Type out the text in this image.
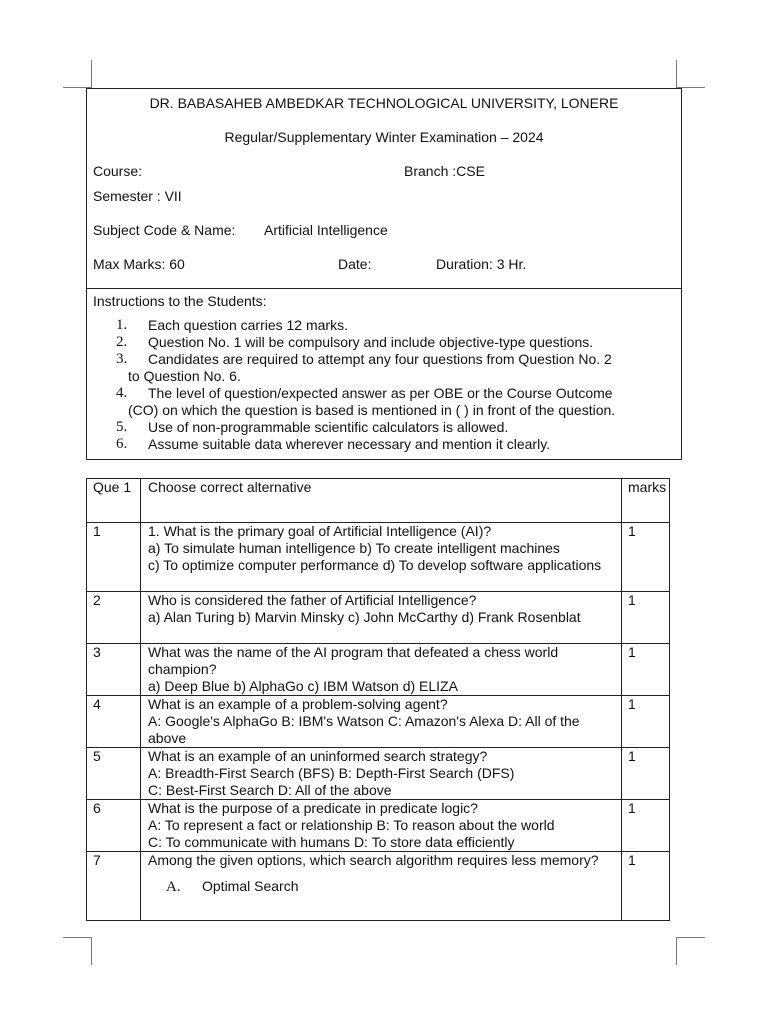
DR. BABASAHEB AMBEDKAR TECHNOLOGICAL UNIVERSITY, LONERE
Regular/Supplementary Winter Examination – 2024
Course:	Branch :CSE
Semester : VII
Subject Code & Name: Artificial Intelligence
Max Marks: 60	Date:	Duration: 3 Hr.
Instructions to the Students:
1. Each question carries 12 marks.
2. Question No. 1 will be compulsory and include objective-type questions.
3. Candidates are required to attempt any four questions from Question No. 2
to Question No. 6.
4. The level of question/expected answer as per OBE or the Course Outcome
(CO) on which the question is based is mentioned in ( ) in front of the question.
5. Use of non-programmable scientific calculators is allowed.
6. Assume suitable data wherever necessary and mention it clearly.
Que 1	Choose correct alternative	marks
1	1. What is the primary goal of Artificial Intelligence (AI)?
a) To simulate human intelligence b) To create intelligent machines
c) To optimize computer performance d) To develop software applications	1
2	Who is considered the father of Artificial Intelligence?
a) Alan Turing b) Marvin Minsky c) John McCarthy d) Frank Rosenblat	1
3	What was the name of the AI program that defeated a chess world champion?
a) Deep Blue b) AlphaGo c) IBM Watson d) ELIZA	1
4	What is an example of a problem-solving agent?
A: Google's AlphaGo B: IBM's Watson C: Amazon's Alexa D: All of the above	1
5	What is an example of an uninformed search strategy?
A: Breadth-First Search (BFS) B: Depth-First Search (DFS)
C: Best-First Search D: All of the above	1
6	What is the purpose of a predicate in predicate logic?
A: To represent a fact or relationship B: To reason about the world
C: To communicate with humans D: To store data efficiently	1
7	Among the given options, which search algorithm requires less memory?
A. Optimal Search	1
